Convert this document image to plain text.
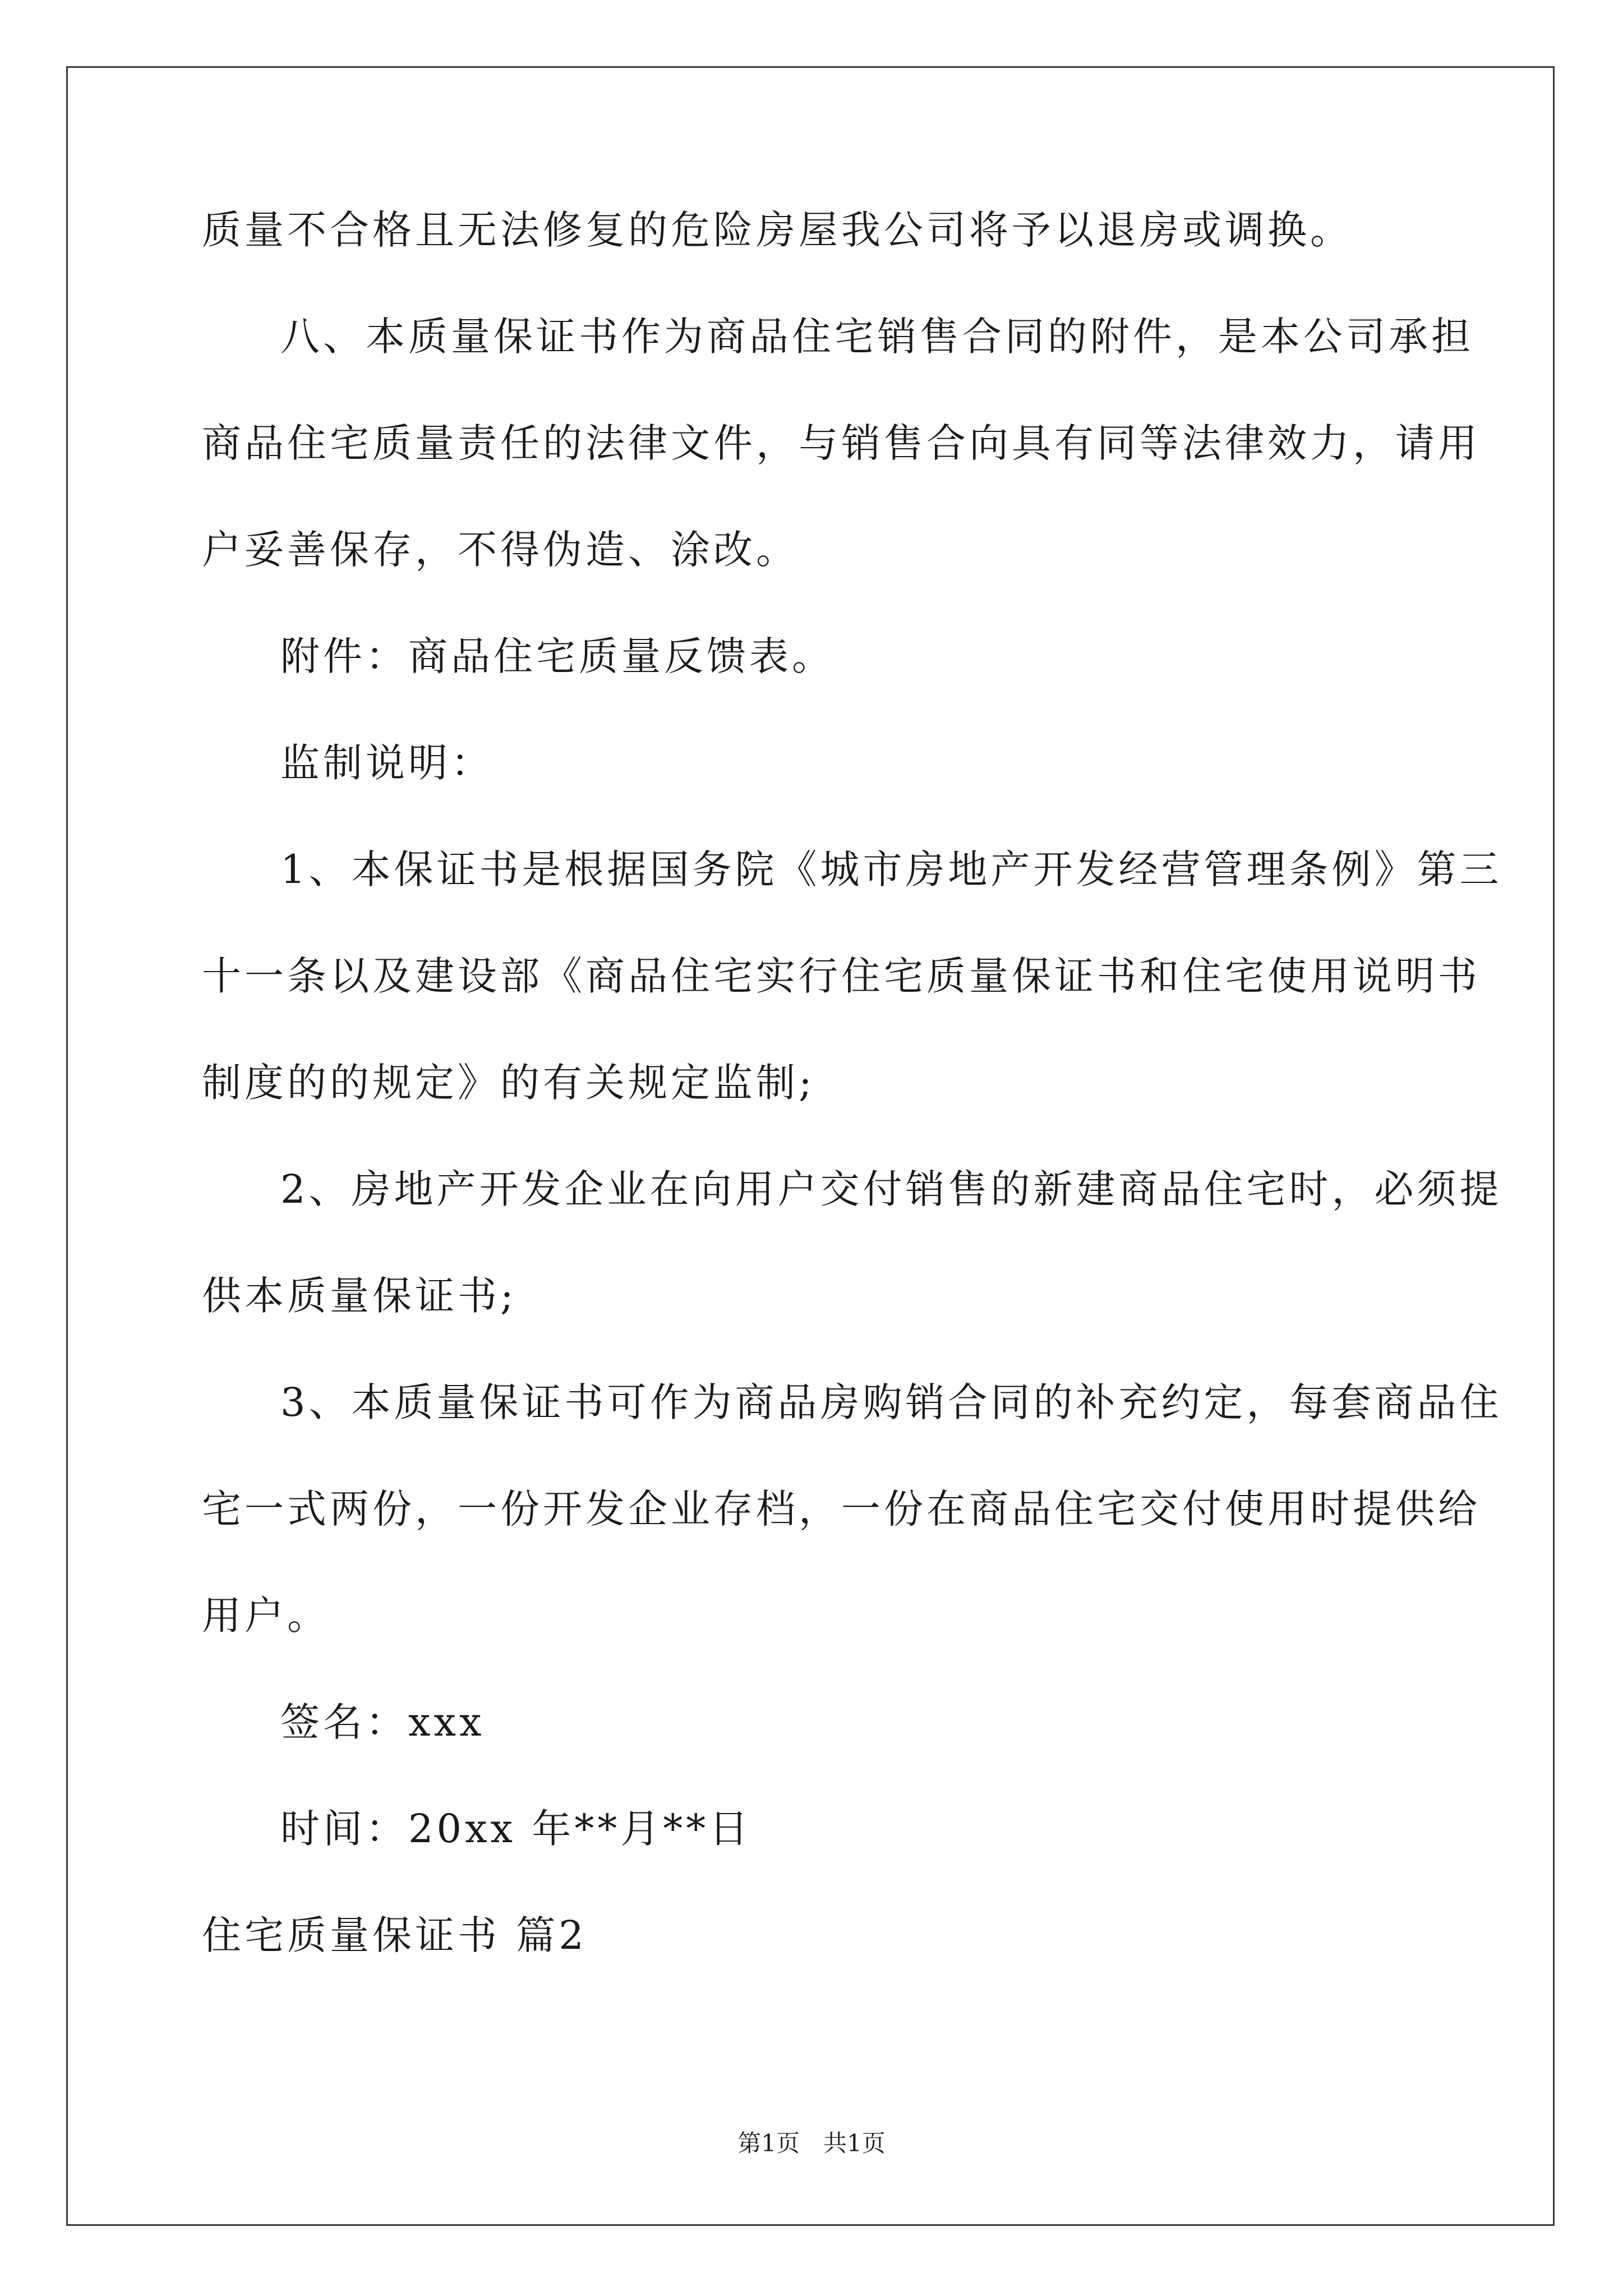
质量不合格且无法修复的危险房屋我公司将予以退房或调换。
八、本质量保证书作为商品住宅销售合同的附件，是本公司承担
商品住宅质量责任的法律文件，与销售合向具有同等法律效力，请用
户妥善保存，不得伪造、涂改。
附件：商品住宅质量反馈表。
监制说明：
1、本保证书是根据国务院《城市房地产开发经营管理条例》第三
十一条以及建设部《商品住宅实行住宅质量保证书和住宅使用说明书
制度的的规定》的有关规定监制;
2、房地产开发企业在向用户交付销售的新建商品住宅时，必须提
供本质量保证书;
3、本质量保证书可作为商品房购销合同的补充约定，每套商品住
宅一式两份，一份开发企业存档，一份在商品住宅交付使用时提供给
用户。
签名：xxx
时间：20xx 年**月**日
住宅质量保证书 篇2
第1页　共1页
